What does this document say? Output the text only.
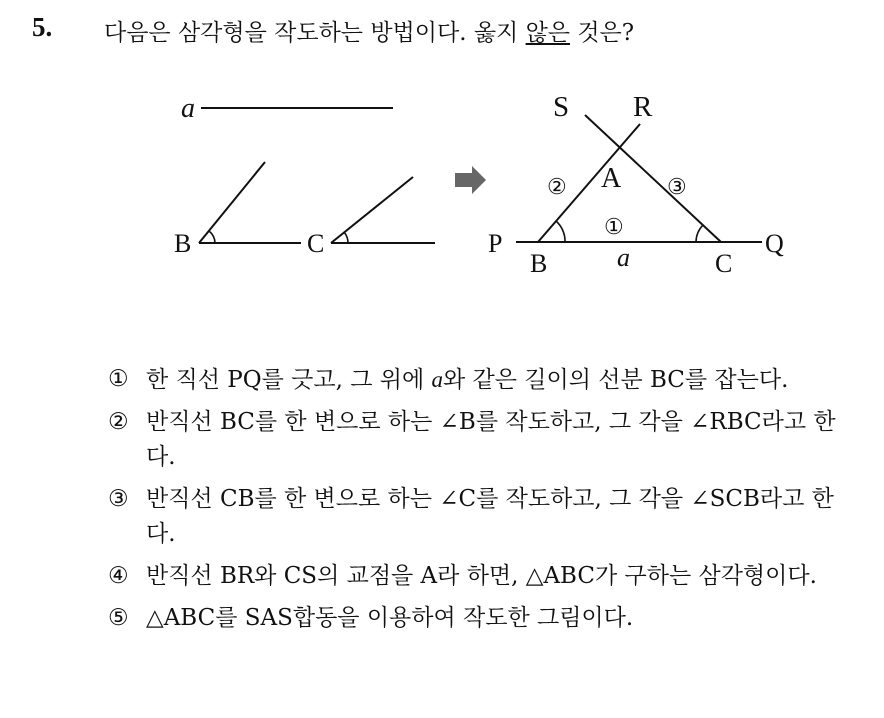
5. 다음은 삼각형을 작도하는 방법이다. 옳지 않은 것은?
a
B	C
S R
A
P
B	a	C
Q
②	③
①
① 한 직선 PQ를 긋고, 그 위에 a와 같은 길이의 선분 BC를 잡는다.
② 반직선 BC를 한 변으로 하는 ∠B를 작도하고, 그 각을 ∠RBC라고 한다.
③ 반직선 CB를 한 변으로 하는 ∠C를 작도하고, 그 각을 ∠SCB라고 한다.
④ 반직선 BR와 CS의 교점을 A라 하면, △ABC가 구하는 삼각형이다.
⑤ △ABC를 SAS합동을 이용하여 작도한 그림이다.
